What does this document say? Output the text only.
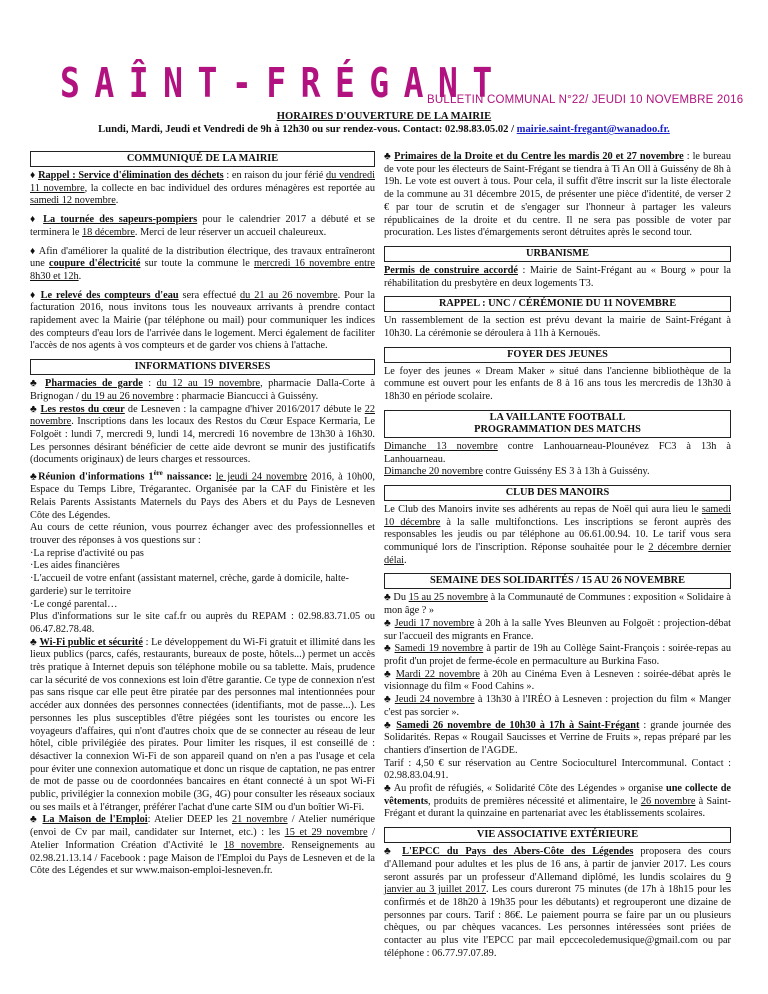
SAÎNT-FRÉGANT
BULLETIN COMMUNAL N°22/ JEUDI 10 NOVEMBRE 2016
HORAIRES D'OUVERTURE DE LA MAIRIE
Lundi, Mardi, Jeudi et Vendredi de 9h à 12h30 ou sur rendez-vous. Contact: 02.98.83.05.02 / mairie.saint-fregant@wanadoo.fr.
COMMUNIQUÉ DE LA MAIRIE

♦ Rappel : Service d'élimination des déchets : en raison du jour férié du vendredi 11 novembre, la collecte en bac individuel des ordures ménagères est reportée au samedi 12 novembre.

♦ La tournée des sapeurs-pompiers pour le calendrier 2017 a débuté et se terminera le 18 décembre. Merci de leur réserver un accueil chaleureux.

♦ Afin d'améliorer la qualité de la distribution électrique, des travaux entraîneront une coupure d'électricité sur toute la commune le mercredi 16 novembre entre 8h30 et 12h.

♦ Le relevé des compteurs d'eau sera effectué du 21 au 26 novembre. Pour la facturation 2016, nous invitons tous les nouveaux arrivants à prendre contact rapidement avec la Mairie (par téléphone ou mail) pour communiquer les indices des compteurs d'eau lors de l'arrivée dans le logement. Merci également de faciliter l'accès de nos agents à vos compteurs et de garder vos chiens à l'attache.

INFORMATIONS DIVERSES

♣ Pharmacies de garde : du 12 au 19 novembre, pharmacie Dalla-Corte à Brignogan / du 19 au 26 novembre : pharmacie Biancucci à Guissény.

♣ Les restos du cœur de Lesneven : la campagne d'hiver 2016/2017 débute le 22 novembre. Inscriptions dans les locaux des Restos du Cœur Espace Kermaria, Le Folgoët : lundi 7, mercredi 9, lundi 14, mercredi 16 novembre de 13h30 à 16h30. Les personnes désirant bénéficier de cette aide devront se munir des justificatifs (documents originaux) de leurs charges et ressources.

♣Réunion d'informations 1ère naissance: le jeudi 24 novembre 2016, à 10h00, Espace du Temps Libre, Trégarantec. Organisée par la CAF du Finistère et les Relais Parents Assistants Maternels du Pays des Abers et du Pays de Lesneven Côte des Légendes.

Au cours de cette réunion, vous pourrez échanger avec des professionnelles et trouver des réponses à vos questions sur :

·La reprise d'activité ou pas
·Les aides financières
·L'accueil de votre enfant (assistant maternel, crèche, garde à domicile, halte-garderie) sur le territoire
·Le congé parental…

Plus d'informations sur le site caf.fr ou auprès du REPAM : 02.98.83.71.05 ou 06.47.82.78.48.

♣ Wi-Fi public et sécurité : Le développement du Wi-Fi gratuit et illimité dans les lieux publics (parcs, cafés, restaurants, bureaux de poste, hôtels...) permet un accès très pratique à Internet depuis son téléphone mobile ou sa tablette. Mais, prudence car la sécurité de vos connexions est loin d'être garantie. Ce type de connexion n'est pas sans risque car elle peut être piratée par des personnes mal intentionnées pour accéder aux données des personnes connectées (identifiants, mot de passe...). Les personnes les plus susceptibles d'être piégées sont les touristes ou encore les voyageurs d'affaires, qui n'ont d'autres choix que de se connecter au réseau de leur hôtel, cible privilégiée des pirates. Pour limiter les risques, il est conseillé de : désactiver la connexion Wi-Fi de son appareil quand on n'en a pas l'usage et cela pour éviter une connexion automatique et donc un risque de captation, ne pas entrer de mot de passe ou de coordonnées bancaires en étant connecté à un spot Wi-Fi public, privilégier la connexion mobile (3G, 4G) pour consulter les réseaux sociaux ou ses mails et à l'étranger, préférer l'achat d'une carte SIM ou d'un boîtier Wi-Fi.

♣ La Maison de l'Emploi: Atelier DEEP les 21 novembre / Atelier numérique (envoi de Cv par mail, candidater sur Internet, etc.) : les 15 et 29 novembre / Atelier Information Création d'Activité le 18 novembre. Renseignements au 02.98.21.13.14 / Facebook : page Maison de l'Emploi du Pays de Lesneven et de la Côte des Légendes et sur www.maison-emploi-lesneven.fr.

♣ Primaires de la Droite et du Centre les mardis 20 et 27 novembre : le bureau de vote pour les électeurs de Saint-Frégant se tiendra à Ti An Oll à Guissény de 8h à 19h. Le vote est ouvert à tous. Pour cela, il suffit d'être inscrit sur la liste électorale de la commune au 31 décembre 2015, de présenter une pièce d'identité, de verser 2 € par tour de scrutin et de s'engager sur l'honneur à partager les valeurs républicaines de la droite et du centre. Il ne sera pas possible de voter par procuration. Les listes d'émargements seront détruites après le second tour.

URBANISME

Permis de construire accordé : Mairie de Saint-Frégant au « Bourg » pour la réhabilitation du presbytère en deux logements T3.

RAPPEL : UNC / CÉRÉMONIE DU 11 NOVEMBRE

Un rassemblement de la section est prévu devant la mairie de Saint-Frégant à 10h30. La cérémonie se déroulera à 11h à Kernouës.

FOYER DES JEUNES

Le foyer des jeunes « Dream Maker » situé dans l'ancienne bibliothèque de la commune est ouvert pour les enfants de 8 à 16 ans tous les mercredis de 13h30 à 18h30 en période scolaire.

LA VAILLANTE FOOTBALL
PROGRAMMATION DES MATCHS

Dimanche 13 novembre contre Lanhouarneau-Plounévez FC3 à 13h à Lanhouarneau.

Dimanche 20 novembre contre Guissény ES 3 à 13h à Guissény.

CLUB DES MANOIRS

Le Club des Manoirs invite ses adhérents au repas de Noël qui aura lieu le samedi 10 décembre à la salle multifonctions. Les inscriptions se feront auprès des responsables les jeudis ou par téléphone au 06.61.00.94. 10. Le tarif vous sera communiqué lors de l'inscription. Réponse souhaitée pour le 2 décembre dernier délai.

SEMAINE DES SOLIDARITÉS / 15 AU 26 NOVEMBRE

♣ Du 15 au 25 novembre à la Communauté de Communes : exposition « Solidaire à mon âge ? »

♣ Jeudi 17 novembre à 20h à la salle Yves Bleunven au Folgoët : projection-débat sur l'accueil des migrants en France.

♣ Samedi 19 novembre à partir de 19h au Collège Saint-François : soirée-repas au profit d'un projet de ferme-école en permaculture au Burkina Faso.

♣ Mardi 22 novembre à 20h au Cinéma Even à Lesneven : soirée-débat après le visionnage du film « Food Cahins ».

♣ Jeudi 24 novembre à 13h30 à l'IRÉO à Lesneven : projection du film « Manger c'est pas sorcier ».

♣ Samedi 26 novembre de 10h30 à 17h à Saint-Frégant : grande journée des Solidarités. Repas « Rougail Saucisses et Verrine de Fruits », repas préparé par les chantiers d'insertion de l'AGDE.

Tarif : 4,50 € sur réservation au Centre Socioculturel Intercommunal. Contact : 02.98.83.04.91.

♣ Au profit de réfugiés, « Solidarité Côte des Légendes » organise une collecte de vêtements, produits de premières nécessité et alimentaire, le 26 novembre à Saint-Frégant et durant la quinzaine en partenariat avec les établissements scolaires.

VIE ASSOCIATIVE EXTÉRIEURE

♣ L'EPCC du Pays des Abers-Côte des Légendes proposera des cours d'Allemand pour adultes et les plus de 16 ans, à partir de janvier 2017. Les cours seront assurés par un professeur d'Allemand diplômé, les lundis scolaires du 9 janvier au 3 juillet 2017. Les cours dureront 75 minutes (de 17h à 18h15 pour les confirmés et de 18h20 à 19h35 pour les débutants) et regrouperont une dizaine de personnes par cours. Tarif : 86€. Le paiement pourra se faire par un ou plusieurs chèques, ou par chèques vacances. Les personnes intéressées sont priées de contacter au plus vite l'EPCC par mail epccecoledemusique@gmail.com ou par téléphone : 06.77.97.07.89.
